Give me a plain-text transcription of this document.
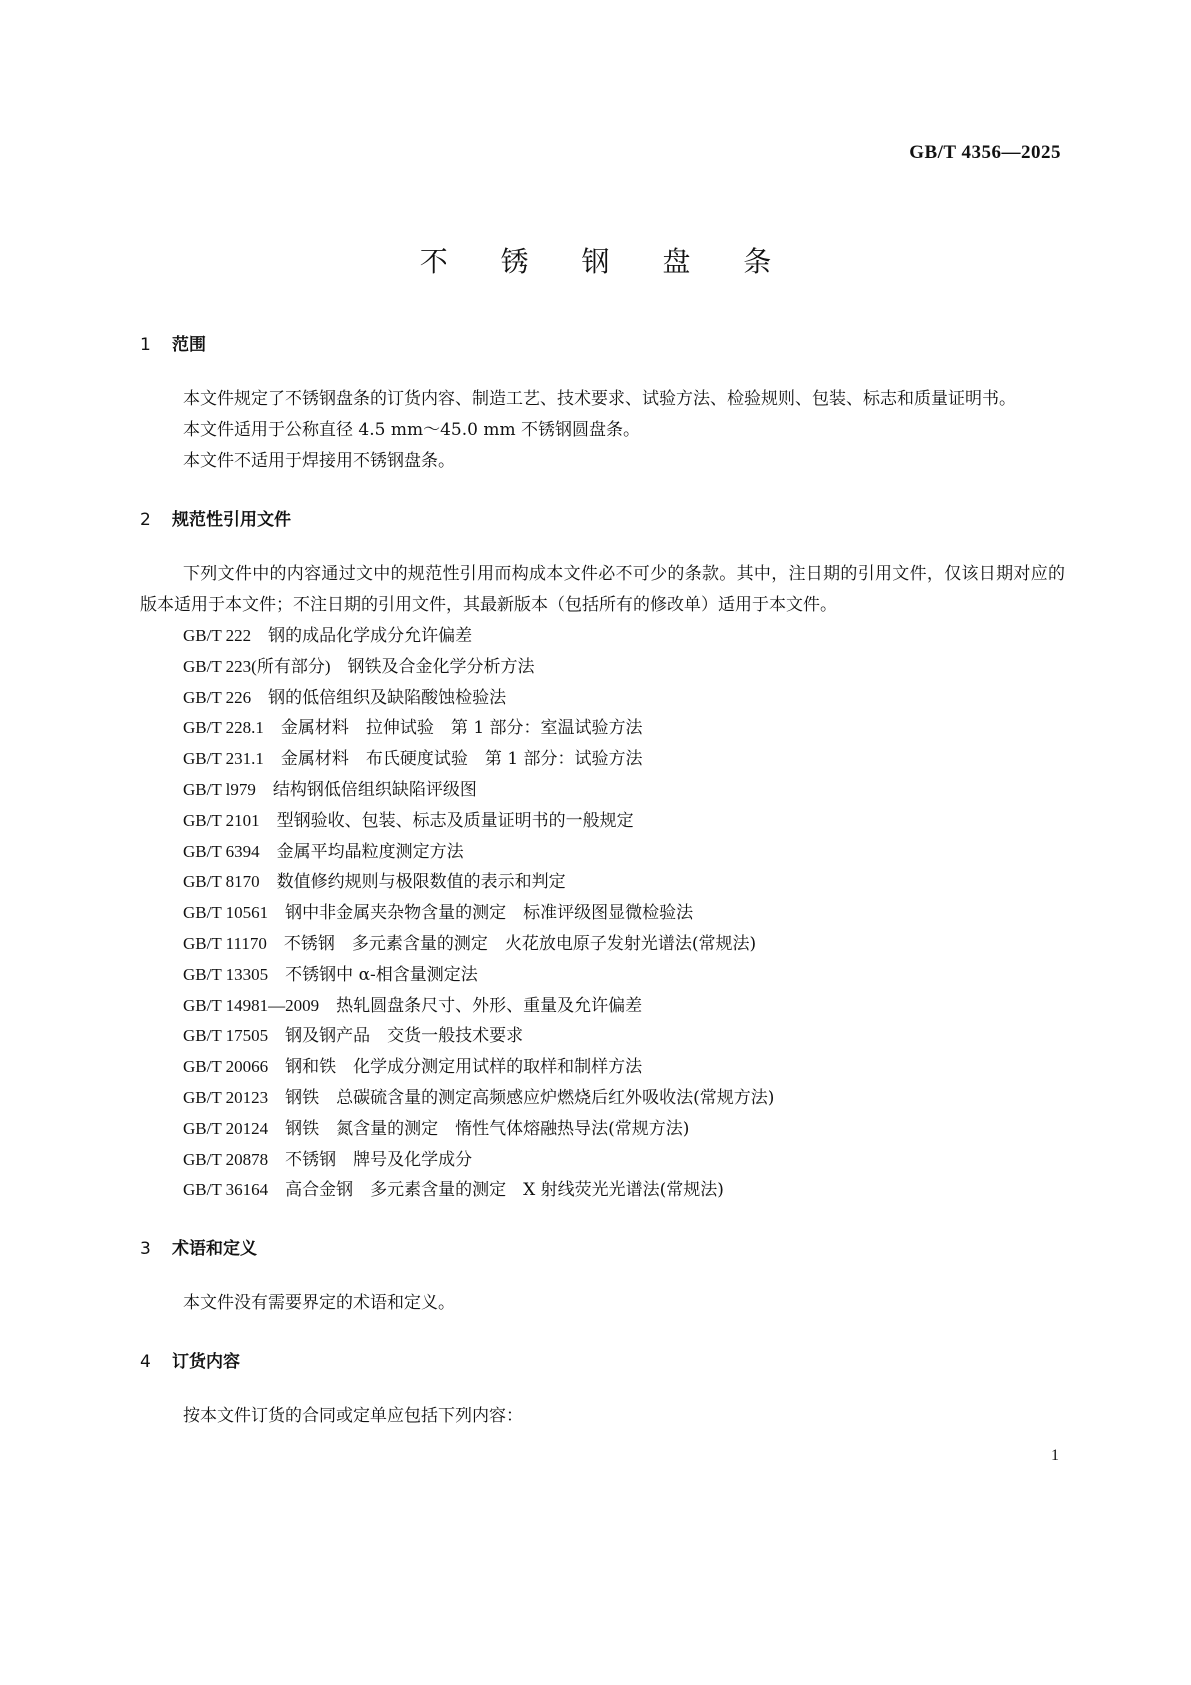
GB/T 4356—2025
不 锈 钢 盘 条
1 范围

本文件规定了不锈钢盘条的订货内容、制造工艺、技术要求、试验方法、检验规则、包装、标志和质量证明书。

本文件适用于公称直径 4.5 mm～45.0 mm 不锈钢圆盘条。

本文件不适用于焊接用不锈钢盘条。

2 规范性引用文件

下列文件中的内容通过文中的规范性引用而构成本文件必不可少的条款。其中，注日期的引用文件，仅该日期对应的版本适用于本文件；不注日期的引用文件，其最新版本（包括所有的修改单）适用于本文件。

GB/T 222　 钢的成品化学成分允许偏差
GB/T 223(所有部分)　 钢铁及合金化学分析方法
GB/T 226　 钢的低倍组织及缺陷酸蚀检验法
GB/T 228.1　 金属材料　拉伸试验　第 1 部分：室温试验方法
GB/T 231.1　 金属材料　布氏硬度试验　第 1 部分：试验方法
GB/T l979　 结构钢低倍组织缺陷评级图
GB/T 2101　 型钢验收、包装、标志及质量证明书的一般规定
GB/T 6394　 金属平均晶粒度测定方法
GB/T 8170　 数值修约规则与极限数值的表示和判定
GB/T 10561　 钢中非金属夹杂物含量的测定　标准评级图显微检验法
GB/T 11170　 不锈钢　多元素含量的测定　火花放电原子发射光谱法(常规法)
GB/T 13305　 不锈钢中 α-相含量测定法
GB/T 14981—2009　 热轧圆盘条尺寸、外形、重量及允许偏差
GB/T 17505　 钢及钢产品　交货一般技术要求
GB/T 20066　 钢和铁　化学成分测定用试样的取样和制样方法
GB/T 20123　 钢铁　总碳硫含量的测定高频感应炉燃烧后红外吸收法(常规方法)
GB/T 20124　 钢铁　氮含量的测定　惰性气体熔融热导法(常规方法)
GB/T 20878　 不锈钢　牌号及化学成分
GB/T 36164　 高合金钢　多元素含量的测定　X 射线荧光光谱法(常规法)
3 术语和定义

本文件没有需要界定的术语和定义。

4 订货内容

按本文件订货的合同或定单应包括下列内容：

1
